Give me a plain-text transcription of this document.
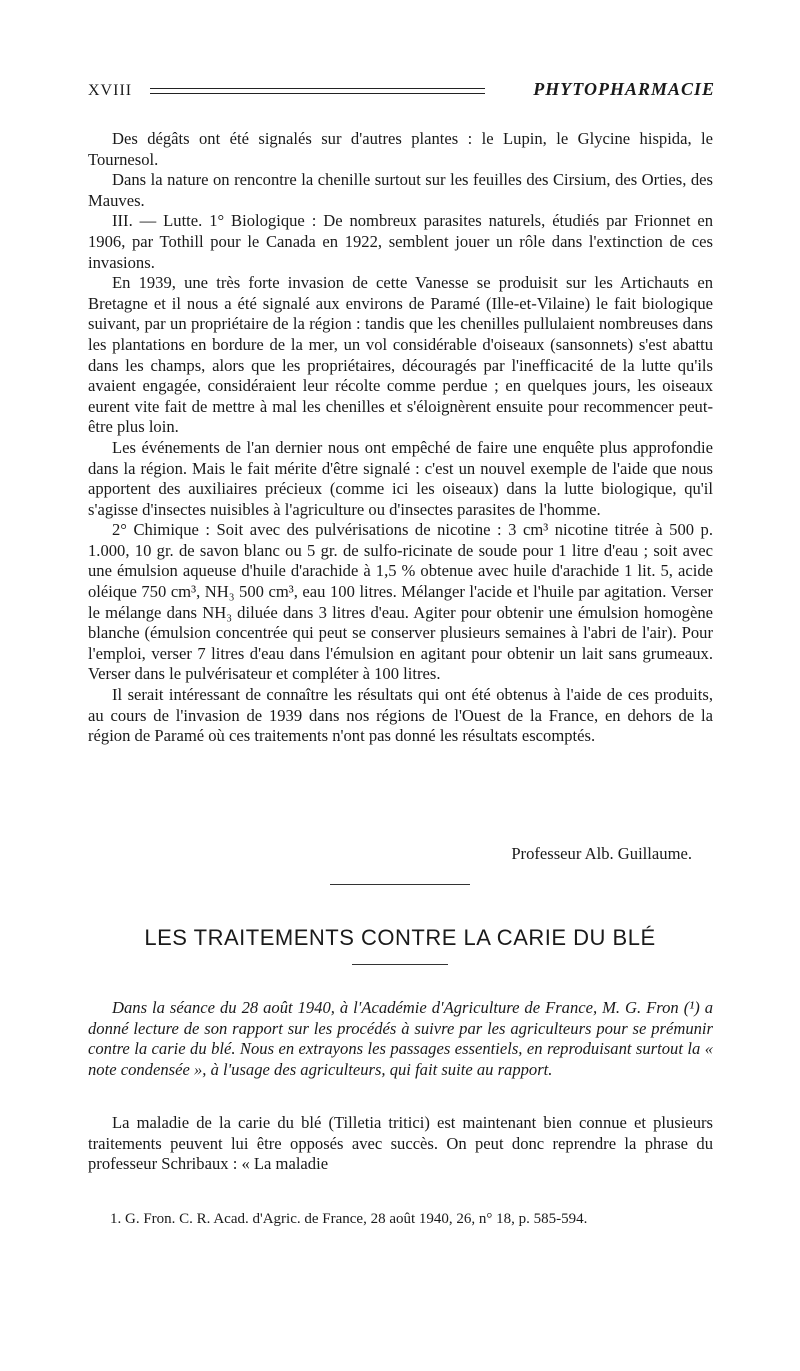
XVIII	PHYTOPHARMACIE

Des dégâts ont été signalés sur d'autres plantes : le Lupin, le Glycine hispida, le Tournesol.

Dans la nature on rencontre la chenille surtout sur les feuilles des Cirsium, des Orties, des Mauves.

III. — Lutte. 1° Biologique : De nombreux parasites naturels, étudiés par Frionnet en 1906, par Tothill pour le Canada en 1922, semblent jouer un rôle dans l'extinction de ces invasions.

En 1939, une très forte invasion de cette Vanesse se produisit sur les Artichauts en Bretagne et il nous a été signalé aux environs de Paramé (Ille-et-Vilaine) le fait biologique suivant, par un propriétaire de la région : tandis que les chenilles pullulaient nombreuses dans les plantations en bordure de la mer, un vol considérable d'oiseaux (sansonnets) s'est abattu dans les champs, alors que les propriétaires, découragés par l'inefficacité de la lutte qu'ils avaient engagée, considéraient leur récolte comme perdue ; en quelques jours, les oiseaux eurent vite fait de mettre à mal les chenilles et s'éloignèrent ensuite pour recommencer peut-être plus loin.

Les événements de l'an dernier nous ont empêché de faire une enquête plus approfondie dans la région. Mais le fait mérite d'être signalé : c'est un nouvel exemple de l'aide que nous apportent des auxiliaires précieux (comme ici les oiseaux) dans la lutte biologique, qu'il s'agisse d'insectes nuisibles à l'agriculture ou d'insectes parasites de l'homme.

2° Chimique : Soit avec des pulvérisations de nicotine : 3 cm³ nicotine titrée à 500 p. 1.000, 10 gr. de savon blanc ou 5 gr. de sulfo-ricinate de soude pour 1 litre d'eau ; soit avec une émulsion aqueuse d'huile d'arachide à 1,5 % obtenue avec huile d'arachide 1 lit. 5, acide oléique 750 cm³, NH₃ 500 cm³, eau 100 litres. Mélanger l'acide et l'huile par agitation. Verser le mélange dans NH₃ diluée dans 3 litres d'eau. Agiter pour obtenir une émulsion homogène blanche (émulsion concentrée qui peut se conserver plusieurs semaines à l'abri de l'air). Pour l'emploi, verser 7 litres d'eau dans l'émulsion en agitant pour obtenir un lait sans grumeaux. Verser dans le pulvérisateur et compléter à 100 litres.

Il serait intéressant de connaître les résultats qui ont été obtenus à l'aide de ces produits, au cours de l'invasion de 1939 dans nos régions de l'Ouest de la France, en dehors de la région de Paramé où ces traitements n'ont pas donné les résultats escomptés.

Professeur Alb. Guillaume.
LES TRAITEMENTS CONTRE LA CARIE DU BLÉ

Dans la séance du 28 août 1940, à l'Académie d'Agriculture de France, M. G. Fron (¹) a donné lecture de son rapport sur les procédés à suivre par les agriculteurs pour se prémunir contre la carie du blé. Nous en extrayons les passages essentiels, en reproduisant surtout la « note condensée », à l'usage des agriculteurs, qui fait suite au rapport.

La maladie de la carie du blé (Tilletia tritici) est maintenant bien connue et plusieurs traitements peuvent lui être opposés avec succès. On peut donc reprendre la phrase du professeur Schribaux : « La maladie

1. G. Fron. C. R. Acad. d'Agric. de France, 28 août 1940, 26, n° 18, p. 585-594.
